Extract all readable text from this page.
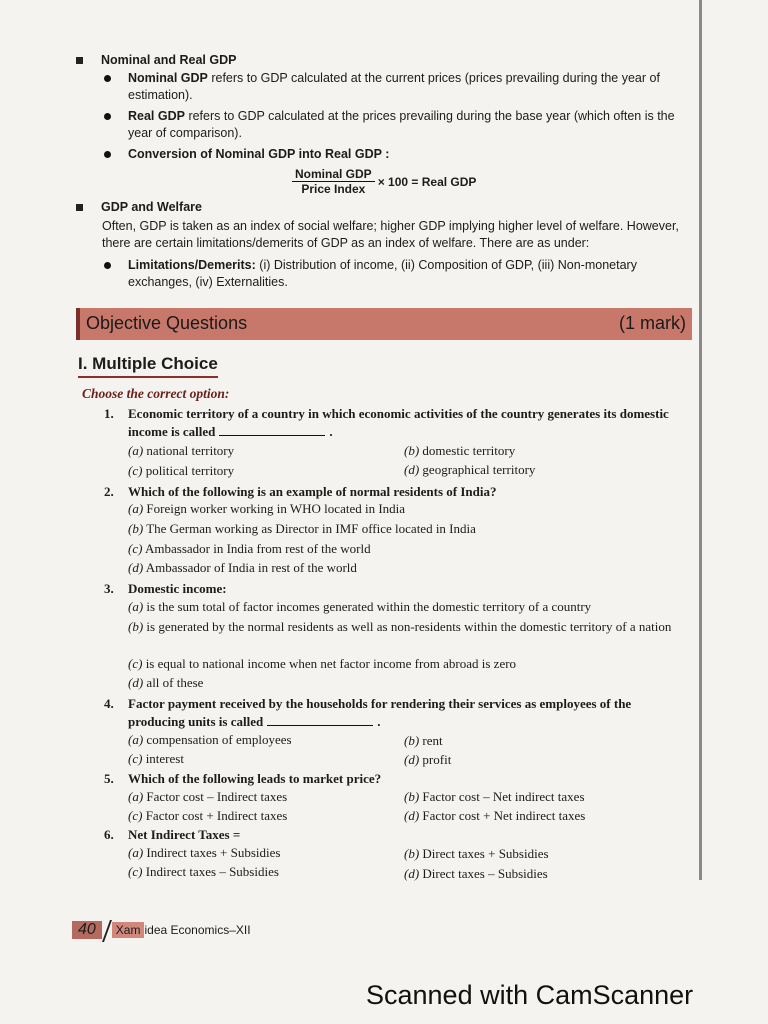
Nominal and Real GDP
Nominal GDP refers to GDP calculated at the current prices (prices prevailing during the year of estimation).
Real GDP refers to GDP calculated at the prices prevailing during the base year (which often is the year of comparison).
Conversion of Nominal GDP into Real GDP :
$\frac{\text{Nominal GDP}}{\text{Price Index}} \times 100$ = Real GDP
GDP and Welfare
Often, GDP is taken as an index of social welfare; higher GDP implying higher level of welfare. However, there are certain limitations/demerits of GDP as an index of welfare. There are as under:
Limitations/Demerits: (i) Distribution of income, (ii) Composition of GDP, (iii) Non-monetary exchanges, (iv) Externalities.
Objective Questions	(1 mark)
I. Multiple Choice
Choose the correct option:
1. Economic territory of a country in which economic activities of the country generates its domestic income is called	.
(a) national territory	(b) domestic territory
(c) political territory	(d) geographical territory
2. Which of the following is an example of normal residents of India?
(a) Foreign worker working in WHO located in India
(b) The German working as Director in IMF office located in India
(c) Ambassador in India from rest of the world
(d) Ambassador of India in rest of the world
3. Domestic income:
(a) is the sum total of factor incomes generated within the domestic territory of a country
(b) is generated by the normal residents as well as non-residents within the domestic territory of a nation
(c) is equal to national income when net factor income from abroad is zero
(d) all of these
4. Factor payment received by the households for rendering their services as employees of the producing units is called	.
(a) compensation of employees	(b) rent
(c) interest	(d) profit
5. Which of the following leads to market price?
(a) Factor cost – Indirect taxes	(b) Factor cost – Net indirect taxes
(c) Factor cost + Indirect taxes	(d) Factor cost + Net indirect taxes
6. Net Indirect Taxes =
(a) Indirect taxes + Subsidies	(b) Direct taxes + Subsidies
(c) Indirect taxes – Subsidies	(d) Direct taxes – Subsidies
40 Xam idea Economics–XII
Scanned with CamScanner
